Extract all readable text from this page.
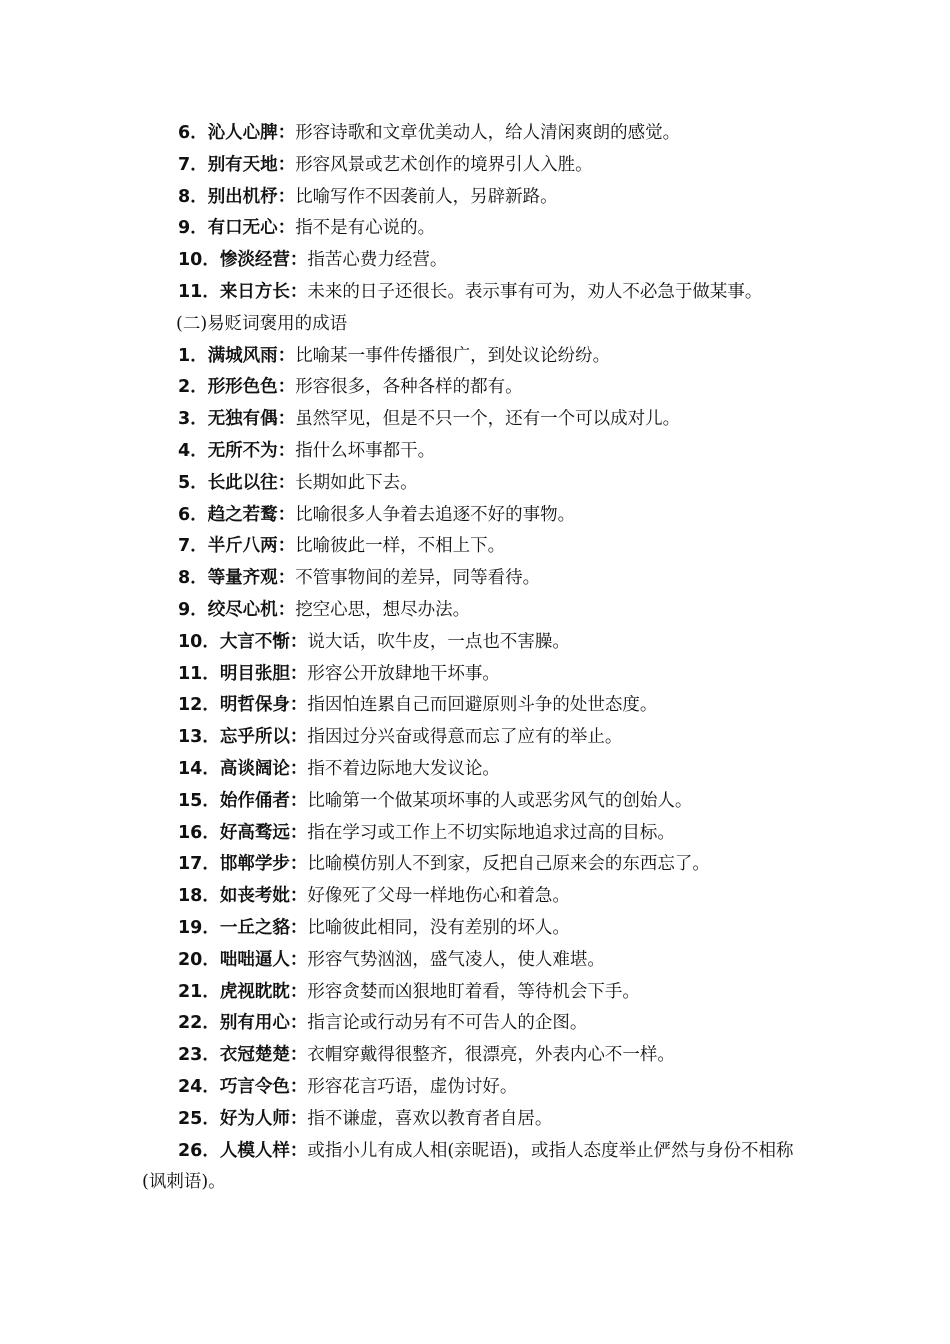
6．沁人心脾：形容诗歌和文章优美动人，给人清闲爽朗的感觉。
7．别有天地：形容风景或艺术创作的境界引人入胜。
8．别出机杼：比喻写作不因袭前人，另辟新路。
9．有口无心：指不是有心说的。
10．惨淡经营：指苦心费力经营。
11．来日方长：未来的日子还很长。表示事有可为，劝人不必急于做某事。
(二)易贬词褒用的成语
1．满城风雨：比喻某一事件传播很广，到处议论纷纷。
2．形形色色：形容很多，各种各样的都有。
3．无独有偶：虽然罕见，但是不只一个，还有一个可以成对儿。
4．无所不为：指什么坏事都干。
5．长此以往：长期如此下去。
6．趋之若鹜：比喻很多人争着去追逐不好的事物。
7．半斤八两：比喻彼此一样，不相上下。
8．等量齐观：不管事物间的差异，同等看待。
9．绞尽心机：挖空心思，想尽办法。
10．大言不惭：说大话，吹牛皮，一点也不害臊。
11．明目张胆：形容公开放肆地干坏事。
12．明哲保身：指因怕连累自己而回避原则斗争的处世态度。
13．忘乎所以：指因过分兴奋或得意而忘了应有的举止。
14．高谈阔论：指不着边际地大发议论。
15．始作俑者：比喻第一个做某项坏事的人或恶劣风气的创始人。
16．好高骛远：指在学习或工作上不切实际地追求过高的目标。
17．邯郸学步：比喻模仿别人不到家，反把自己原来会的东西忘了。
18．如丧考妣：好像死了父母一样地伤心和着急。
19．一丘之貉：比喻彼此相同，没有差别的坏人。
20．咄咄逼人：形容气势汹汹，盛气凌人，使人难堪。
21．虎视眈眈：形容贪婪而凶狠地盯着看，等待机会下手。
22．别有用心：指言论或行动另有不可告人的企图。
23．衣冠楚楚：衣帽穿戴得很整齐，很漂亮，外表内心不一样。
24．巧言令色：形容花言巧语，虚伪讨好。
25．好为人师：指不谦虚，喜欢以教育者自居。
26．人模人样：或指小儿有成人相(亲昵语)，或指人态度举止俨然与身份不相称(讽刺语)。
